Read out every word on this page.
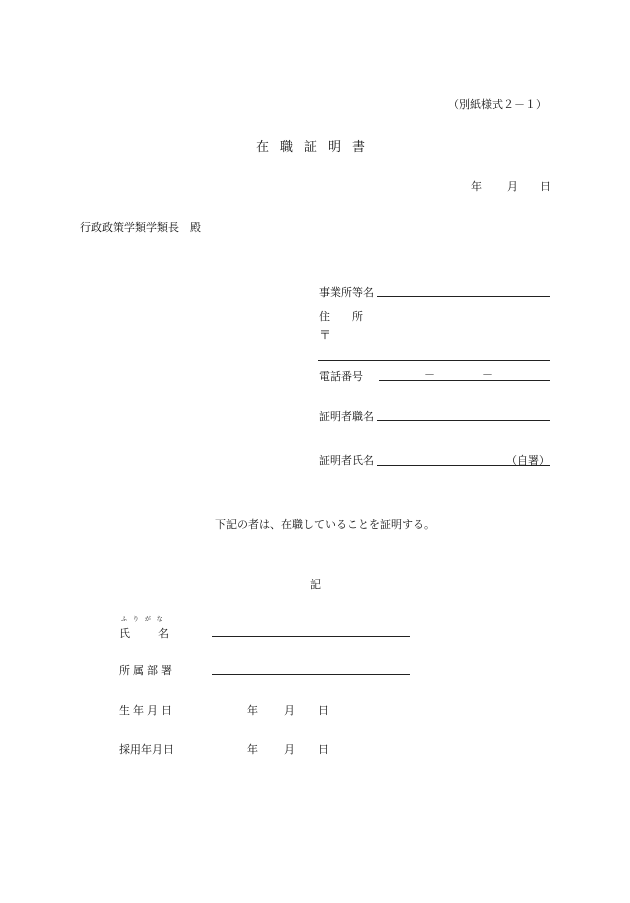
（別紙様式２－１）
在職証明書
年 月 日
行政政策学類学類長　殿
事業所等名
住　　所
〒
電話番号	－	－
証明者職名
証明者氏名	（自署）
下記の者は、在職していることを証明する。
記
ふ り が な
氏　　名
所属部署
生年月日	年 月 日
採用年月日	年 月 日
